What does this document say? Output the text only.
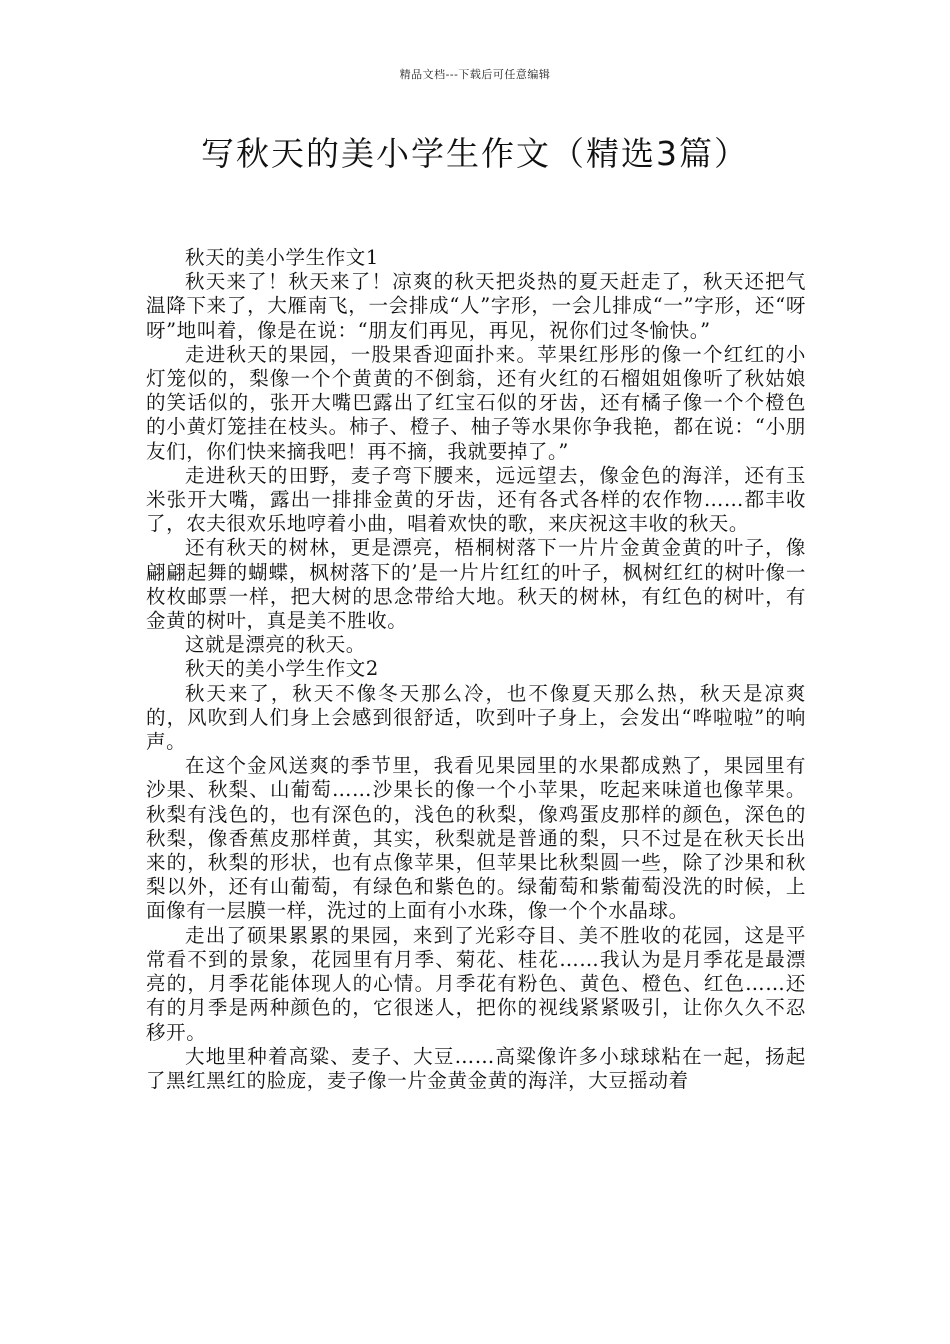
精品文档---下载后可任意编辑
写秋天的美小学生作文（精选3篇）

秋天的美小学生作文1

秋天来了！秋天来了！凉爽的秋天把炎热的夏天赶走了，秋天还把气温降下来了，大雁南飞，一会排成“人”字形，一会儿排成“一”字形，还“呀呀”地叫着，像是在说：“朋友们再见，再见，祝你们过冬愉快。”

走进秋天的果园，一股果香迎面扑来。苹果红彤彤的像一个红红的小灯笼似的，梨像一个个黄黄的不倒翁，还有火红的石榴姐姐像听了秋姑娘的笑话似的，张开大嘴巴露出了红宝石似的牙齿，还有橘子像一个个橙色的小黄灯笼挂在枝头。柿子、橙子、柚子等水果你争我艳，都在说：“小朋友们，你们快来摘我吧！再不摘，我就要掉了。”

走进秋天的田野，麦子弯下腰来，远远望去，像金色的海洋，还有玉米张开大嘴，露出一排排金黄的牙齿，还有各式各样的农作物……都丰收了，农夫很欢乐地哼着小曲，唱着欢快的歌，来庆祝这丰收的秋天。

还有秋天的树林，更是漂亮，梧桐树落下一片片金黄金黄的叶子，像翩翩起舞的蝴蝶，枫树落下的’是一片片红红的叶子，枫树红红的树叶像一枚枚邮票一样，把大树的思念带给大地。秋天的树林，有红色的树叶，有金黄的树叶，真是美不胜收。

这就是漂亮的秋天。

秋天的美小学生作文2

秋天来了，秋天不像冬天那么冷，也不像夏天那么热，秋天是凉爽的，风吹到人们身上会感到很舒适，吹到叶子身上，会发出“哗啦啦”的响声。

在这个金风送爽的季节里，我看见果园里的水果都成熟了，果园里有沙果、秋梨、山葡萄……沙果长的像一个小苹果，吃起来味道也像苹果。秋梨有浅色的，也有深色的，浅色的秋梨，像鸡蛋皮那样的颜色，深色的秋梨，像香蕉皮那样黄，其实，秋梨就是普通的梨，只不过是在秋天长出来的，秋梨的形状，也有点像苹果，但苹果比秋梨圆一些，除了沙果和秋梨以外，还有山葡萄，有绿色和紫色的。绿葡萄和紫葡萄没洗的时候，上面像有一层膜一样，洗过的上面有小水珠，像一个个水晶球。

走出了硕果累累的果园，来到了光彩夺目、美不胜收的花园，这是平常看不到的景象，花园里有月季、菊花、桂花……我认为是月季花是最漂亮的，月季花能体现人的心情。月季花有粉色、黄色、橙色、红色……还有的月季是两种颜色的，它很迷人，把你的视线紧紧吸引，让你久久不忍移开。

大地里种着高粱、麦子、大豆……高粱像许多小球球粘在一起，扬起了黑红黑红的脸庞，麦子像一片金黄金黄的海洋，大豆摇动着
